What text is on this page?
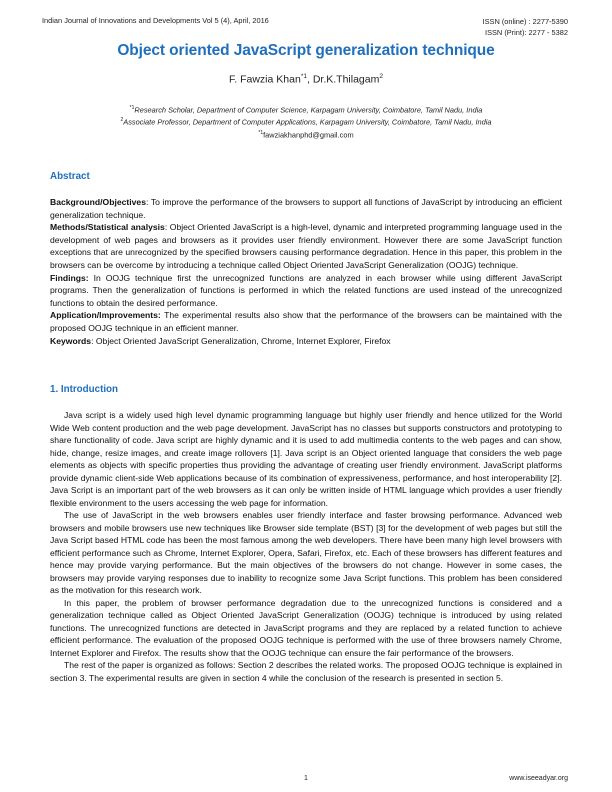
Indian Journal of Innovations and Developments Vol 5 (4), April, 2016	ISSN (online) : 2277-5390
ISSN (Print): 2277 - 5382
Object oriented JavaScript generalization technique
F. Fawzia Khan$^{*1}$, Dr.K.Thilagam$^2$
$^{*1}$Research Scholar, Department of Computer Science, Karpagam University, Coimbatore, Tamil Nadu, India
$^2$Associate Professor, Department of Computer Applications, Karpagam University, Coimbatore, Tamil Nadu, India
$^{*1}$fawziakhanphd@gmail.com
Abstract

Background/Objectives: To improve the performance of the browsers to support all functions of JavaScript by introducing an efficient generalization technique.

Methods/Statistical analysis: Object Oriented JavaScript is a high-level, dynamic and interpreted programming language used in the development of web pages and browsers as it provides user friendly environment. However there are some JavaScript function exceptions that are unrecognized by the specified browsers causing performance degradation. Hence in this paper, this problem in the browsers can be overcome by introducing a technique called Object Oriented JavaScript Generalization (OOJG) technique.

Findings: In OOJG technique first the unrecognized functions are analyzed in each browser while using different JavaScript programs. Then the generalization of functions is performed in which the related functions are used instead of the unrecognized functions to obtain the desired performance.

Application/Improvements: The experimental results also show that the performance of the browsers can be maintained with the proposed OOJG technique in an efficient manner.

Keywords: Object Oriented JavaScript Generalization, Chrome, Internet Explorer, Firefox

1. Introduction

Java script is a widely used high level dynamic programming language but highly user friendly and hence utilized for the World Wide Web content production and the web page development. JavaScript has no classes but supports constructors and prototyping to share functionality of code. Java script are highly dynamic and it is used to add multimedia contents to the web pages and can show, hide, change, resize images, and create image rollovers [1]. Java script is an Object oriented language that considers the web page elements as objects with specific properties thus providing the advantage of creating user friendly environment. JavaScript platforms provide dynamic client-side Web applications because of its combination of expressiveness, performance, and host interoperability [2]. Java Script is an important part of the web browsers as it can only be written inside of HTML language which provides a user friendly flexible environment to the users accessing the web page for information.

The use of JavaScript in the web browsers enables user friendly interface and faster browsing performance. Advanced web browsers and mobile browsers use new techniques like Browser side template (BST) [3] for the development of web pages but still the Java Script based HTML code has been the most famous among the web developers. There have been many high level browsers with efficient performance such as Chrome, Internet Explorer, Opera, Safari, Firefox, etc. Each of these browsers has different features and hence may provide varying performance. But the main objectives of the browsers do not change. However in some cases, the browsers may provide varying responses due to inability to recognize some Java Script functions. This problem has been considered as the motivation for this research work.

In this paper, the problem of browser performance degradation due to the unrecognized functions is considered and a generalization technique called as Object Oriented JavaScript Generalization (OOJG) technique is introduced by using related functions. The unrecognized functions are detected in JavaScript programs and they are replaced by a related function to achieve efficient performance. The evaluation of the proposed OOJG technique is performed with the use of three browsers namely Chrome, Internet Explorer and Firefox. The results show that the OOJG technique can ensure the fair performance of the browsers.

The rest of the paper is organized as follows: Section 2 describes the related works. The proposed OOJG technique is explained in section 3. The experimental results are given in section 4 while the conclusion of the research is presented in section 5.

1	www.iseeadyar.org
